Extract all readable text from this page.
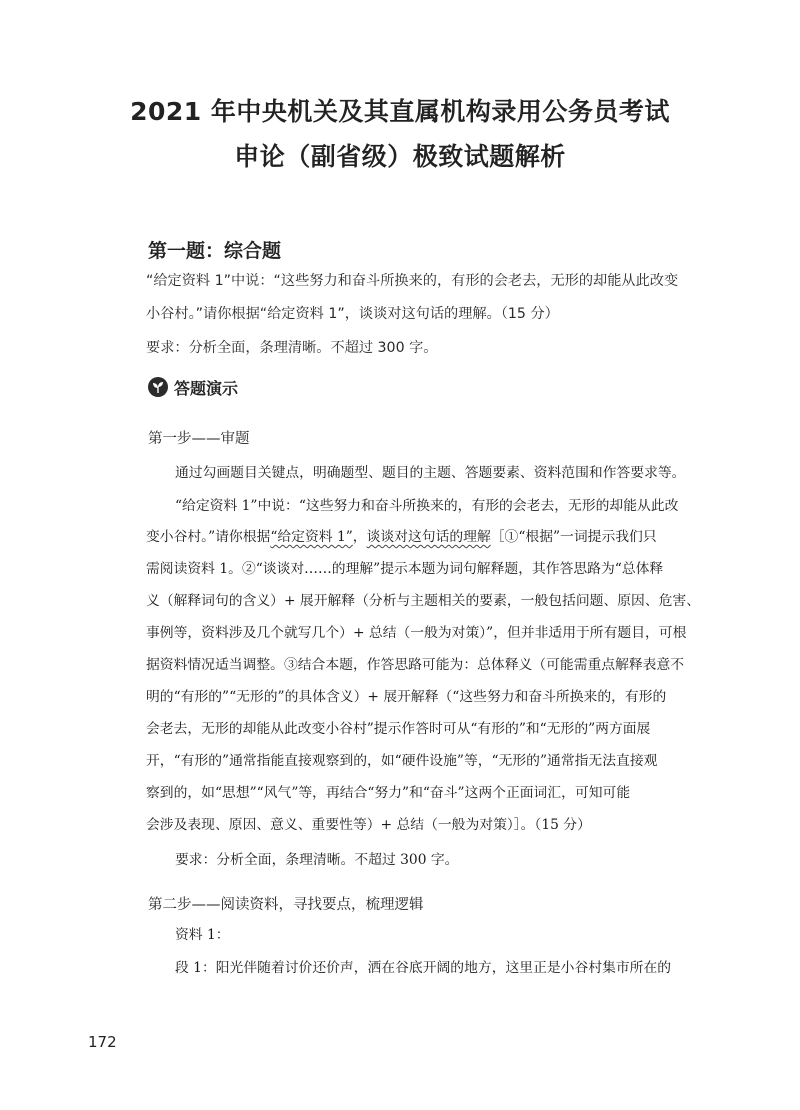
2021 年中央机关及其直属机构录用公务员考试
申论（副省级）极致试题解析
第一题：综合题
“给定资料 1”中说：“这些努力和奋斗所换来的，有形的会老去，无形的却能从此改变
小谷村。”请你根据“给定资料 1”，谈谈对这句话的理解。（15 分）
要求：分析全面，条理清晰。不超过 300 字。
答题演示
第一步——审题
通过勾画题目关键点，明确题型、题目的主题、答题要素、资料范围和作答要求等。
“给定资料 1”中说：“这些努力和奋斗所换来的，有形的会老去，无形的却能从此改
变小谷村。”请你根据“给定资料 1”，谈谈对这句话的理解［①“根据”一词提示我们只
需阅读资料 1。②“谈谈对……的理解”提示本题为词句解释题，其作答思路为“总体释
义（解释词句的含义）+ 展开解释（分析与主题相关的要素，一般包括问题、原因、危害、
事例等，资料涉及几个就写几个）+ 总结（一般为对策）”，但并非适用于所有题目，可根
据资料情况适当调整。③结合本题，作答思路可能为：总体释义（可能需重点解释表意不
明的“有形的”“无形的”的具体含义）+ 展开解释（“这些努力和奋斗所换来的，有形的
会老去，无形的却能从此改变小谷村”提示作答时可从“有形的”和“无形的”两方面展
开，“有形的”通常指能直接观察到的，如“硬件设施”等，“无形的”通常指无法直接观
察到的，如“思想”“风气”等，再结合“努力”和“奋斗”这两个正面词汇，可知可能
会涉及表现、原因、意义、重要性等）+ 总结（一般为对策）］。（15 分）
要求：分析全面，条理清晰。不超过 300 字。
第二步——阅读资料，寻找要点，梳理逻辑
资料 1：
段 1：阳光伴随着讨价还价声，洒在谷底开阔的地方，这里正是小谷村集市所在的
172
